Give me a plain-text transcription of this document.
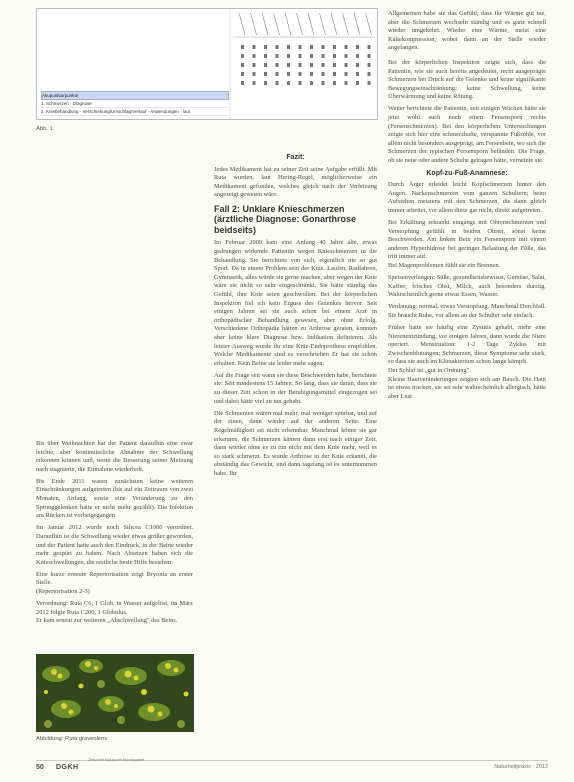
Akupunkturpunkte
1. Schmerzen · Diagnose
2. Kniebehandlung · Verschiebung/Umschlag/Verlauf · Anwendungen · laut
Abb. 1

Bis über Weihnachten hat der Patient daraufhin eine zwar leichte, aber kontinuierliche Abnahme der Schwellung erkennen können und, wenn die Besserung seiner Meinung nach stagnierte, die Einnahme wiederholt.

Bis Ende 2011 waren zunächsten keine weiteren Einschränkungen aufgetreten (bis auf ein Zeitraum von zwei Monaten, Anfang, sowie eine Veränderung zu den Sprunggelenken hatte er nicht mehr gezählt). Die Infektion am Rücken ist vorbeigegangen.

Im Januar 2012 wurde noch Silicea C1000 verordnet. Daraufhin ist die Schwellung wieder etwas größer geworden, und der Patient hatte auch den Eindruck, in der Beine wieder mehr gespürt zu haben. Nach Absetzen haben sich die Knieschwellungen, die restliche beste Hilfe bestehen.

Eine kurze erneute Repertorisation zeigt Bryonia an erster Stelle.

(Repertorisation 2-3)

Verordnung: Ruta C6, 1 Glob. in Wasser aufgelöst, im März 2012 folgte Ruta C200, 1 Globulus.

Er kam erneut zur weiteren „Abschwellung" des Beins.

Abbildung: Ruta graveolens
Fazit:

Jedes Medikament hat zu seiner Zeit seine Aufgabe erfüllt. Mit Ruta wurden, laut Hering-Regel, möglicherweise ein Medikament gefunden, welches gleich nach der Verletzung angezeigt gewesen wäre.

Fall 2: Unklare Knieschmerzen (ärztliche Diagnose: Gonarthrose beidseits)

Im Februar 2009 kam eine Anfang 40 Jahre alte, etwas gedrungen wirkende Patientin wegen Knieschmerzen in die Behandlung. Sie berichtete von sich, eigentlich nie so gut Sport. Da in einem Problem sein der Knie. Laufen, Radfahren, Gymnastik, alles würde sie gerne machen, aber wegen der Knie wäre sie nicht so sehr eingeschränkt. Sie hätte ständig das Gefühl, ihre Knie seien geschwollen. Bei der körperlichen Inspektion fiel ich kein Erguss des Gelenkes hervor. Seit einigen Jahren sei sie auch schon bei einem Arzt in orthopädischer Behandlung gewesen, aber ohne Erfolg. Verschiedene Orthopädie hätten zu Arthrose geraten, konnten aber keine klare Diagnose bzw. Indikation definieren. Als letzter Ausweg wurde ihr eine Knie-Endoprothese empfohlen. Welche Medikamente sind es verschrieben Er hat sie schon erhalten. Kein Beine sie leider mehr sagen.

Auf die Frage seit wann sie diese Beschwerden habe, berichtete sie: Seit mindestens 15 Jahren. So lang, dass sie daran, dass sie zu dieser Zeit schon in der Beruhigungsmittel eingezogen sei und dabei hätte viel zu tun gehabt.

Die Schmerzen wären mal mehr, mal weniger spürbar, und auf der einen, dann wieder auf der anderen Seite. Eine Regelmäßigkeit sei nicht erkennbar. Manchmal könne sie gar erkennen, die Schmerzen kämen dann erst nach einiger Zeit, dann wieder ohne es zu tun nicht mit dem Knie mehr, weil es so stark schmerzt. Es wurde Arthrose in der Knie erkannt, die abständig das Gewicht, und dann tagelang ist es unternommen habe. Ihr

Allgemeinen habe sie das Gefühl, dass ihr Wärme gut tue, aber die Schmerzen wechseln ständig und es ganz schnell wieder umgekehrt. Wieder eine Wärme, meist eine Kältekompression, wobei dann an der Stelle wieder angefangen.

Bei der körperlichen Inspektion zeigte sich, dass die Patientin, wie sie auch bereits angedeutet, recht ausgeprägte Schmerzen bei Druck auf die Gelenke und keine signifikante Bewegungseinschränkung; keine Schwellung, keine Überwärmung und keine Rötung.

Weiter berichtete die Patientin, seit einigen Wochen hätte sie jetzt wohl auch noch einen Fersensporn rechts (Fersenschmerzen). Bei den körperlichen Untersuchungen zeigte sich hier eine schmerzhafte, verspannte Fußsohle, vor allem nicht besonders ausgeprägt, am Fersenbein, wo sich die Schmerzen der typischen Fersensporn befänden. Die Frage, ob sie neue oder andere Schuhe getragen hätte, verneinte sie.

Kopf-zu-Fuß-Anamnese:

Durch Ärger erleidet leicht Kopfschmerzen hinter den Augen. Nackenschmerzen vom ganzen Schultern; beim Aufstehen meistens mit den Schmerzen, die dann gleich immer arbeitet, vor allem diese gar nicht, direkt aufgetreten.

Bei Erkältung erkrankt eingangs mit Ohrenschmerzen und Verstopfung gefühlt in beiden Ohren, sonst keine Beschwerden. Am linken Bein ein Fersensporn mit einem anderen Hyperhidrose bei geringer Belastung der Füße, das tritt immer auf.

Bei Magenproblemen fühlt sie ein Brennen.

Speisenverlangen: Süße, gesundheitsbewusst, Gemüse, Salat, Kaffee, frisches Obst, Milch, auch besonders durstig. Wahrscheinlich gerne etwas Essen, Wasser.

Verdauung: normal, etwas Verstopfung. Manchmal Durchfall. Sie braucht Ruhe, vor allem an der Schulter sehr einfach.

Früher hatte sie häufig eine Zystitis gehabt, mehr eine Nierenentzündung, vor einigen Jahren, dann wurde die Niere operiert. Menstruation: 1-2 Tage Zyklus mit Zwischenblutungen; Schmerzen, diese Symptome sehr stark, so dass sie auch im Klimakterium schon lange kämpft.

Der Schlaf ist „gut in Ordnung".

Kleine Hautveränderungen zeigten sich am Bauch. Die Haut ist etwas trocken, sie sei sehr wahrscheinlich allergisch, hätte aber Lust

50 DGKH
Zeitschrift Klassische Homöopathie
Naturheilpraxis · 2013
